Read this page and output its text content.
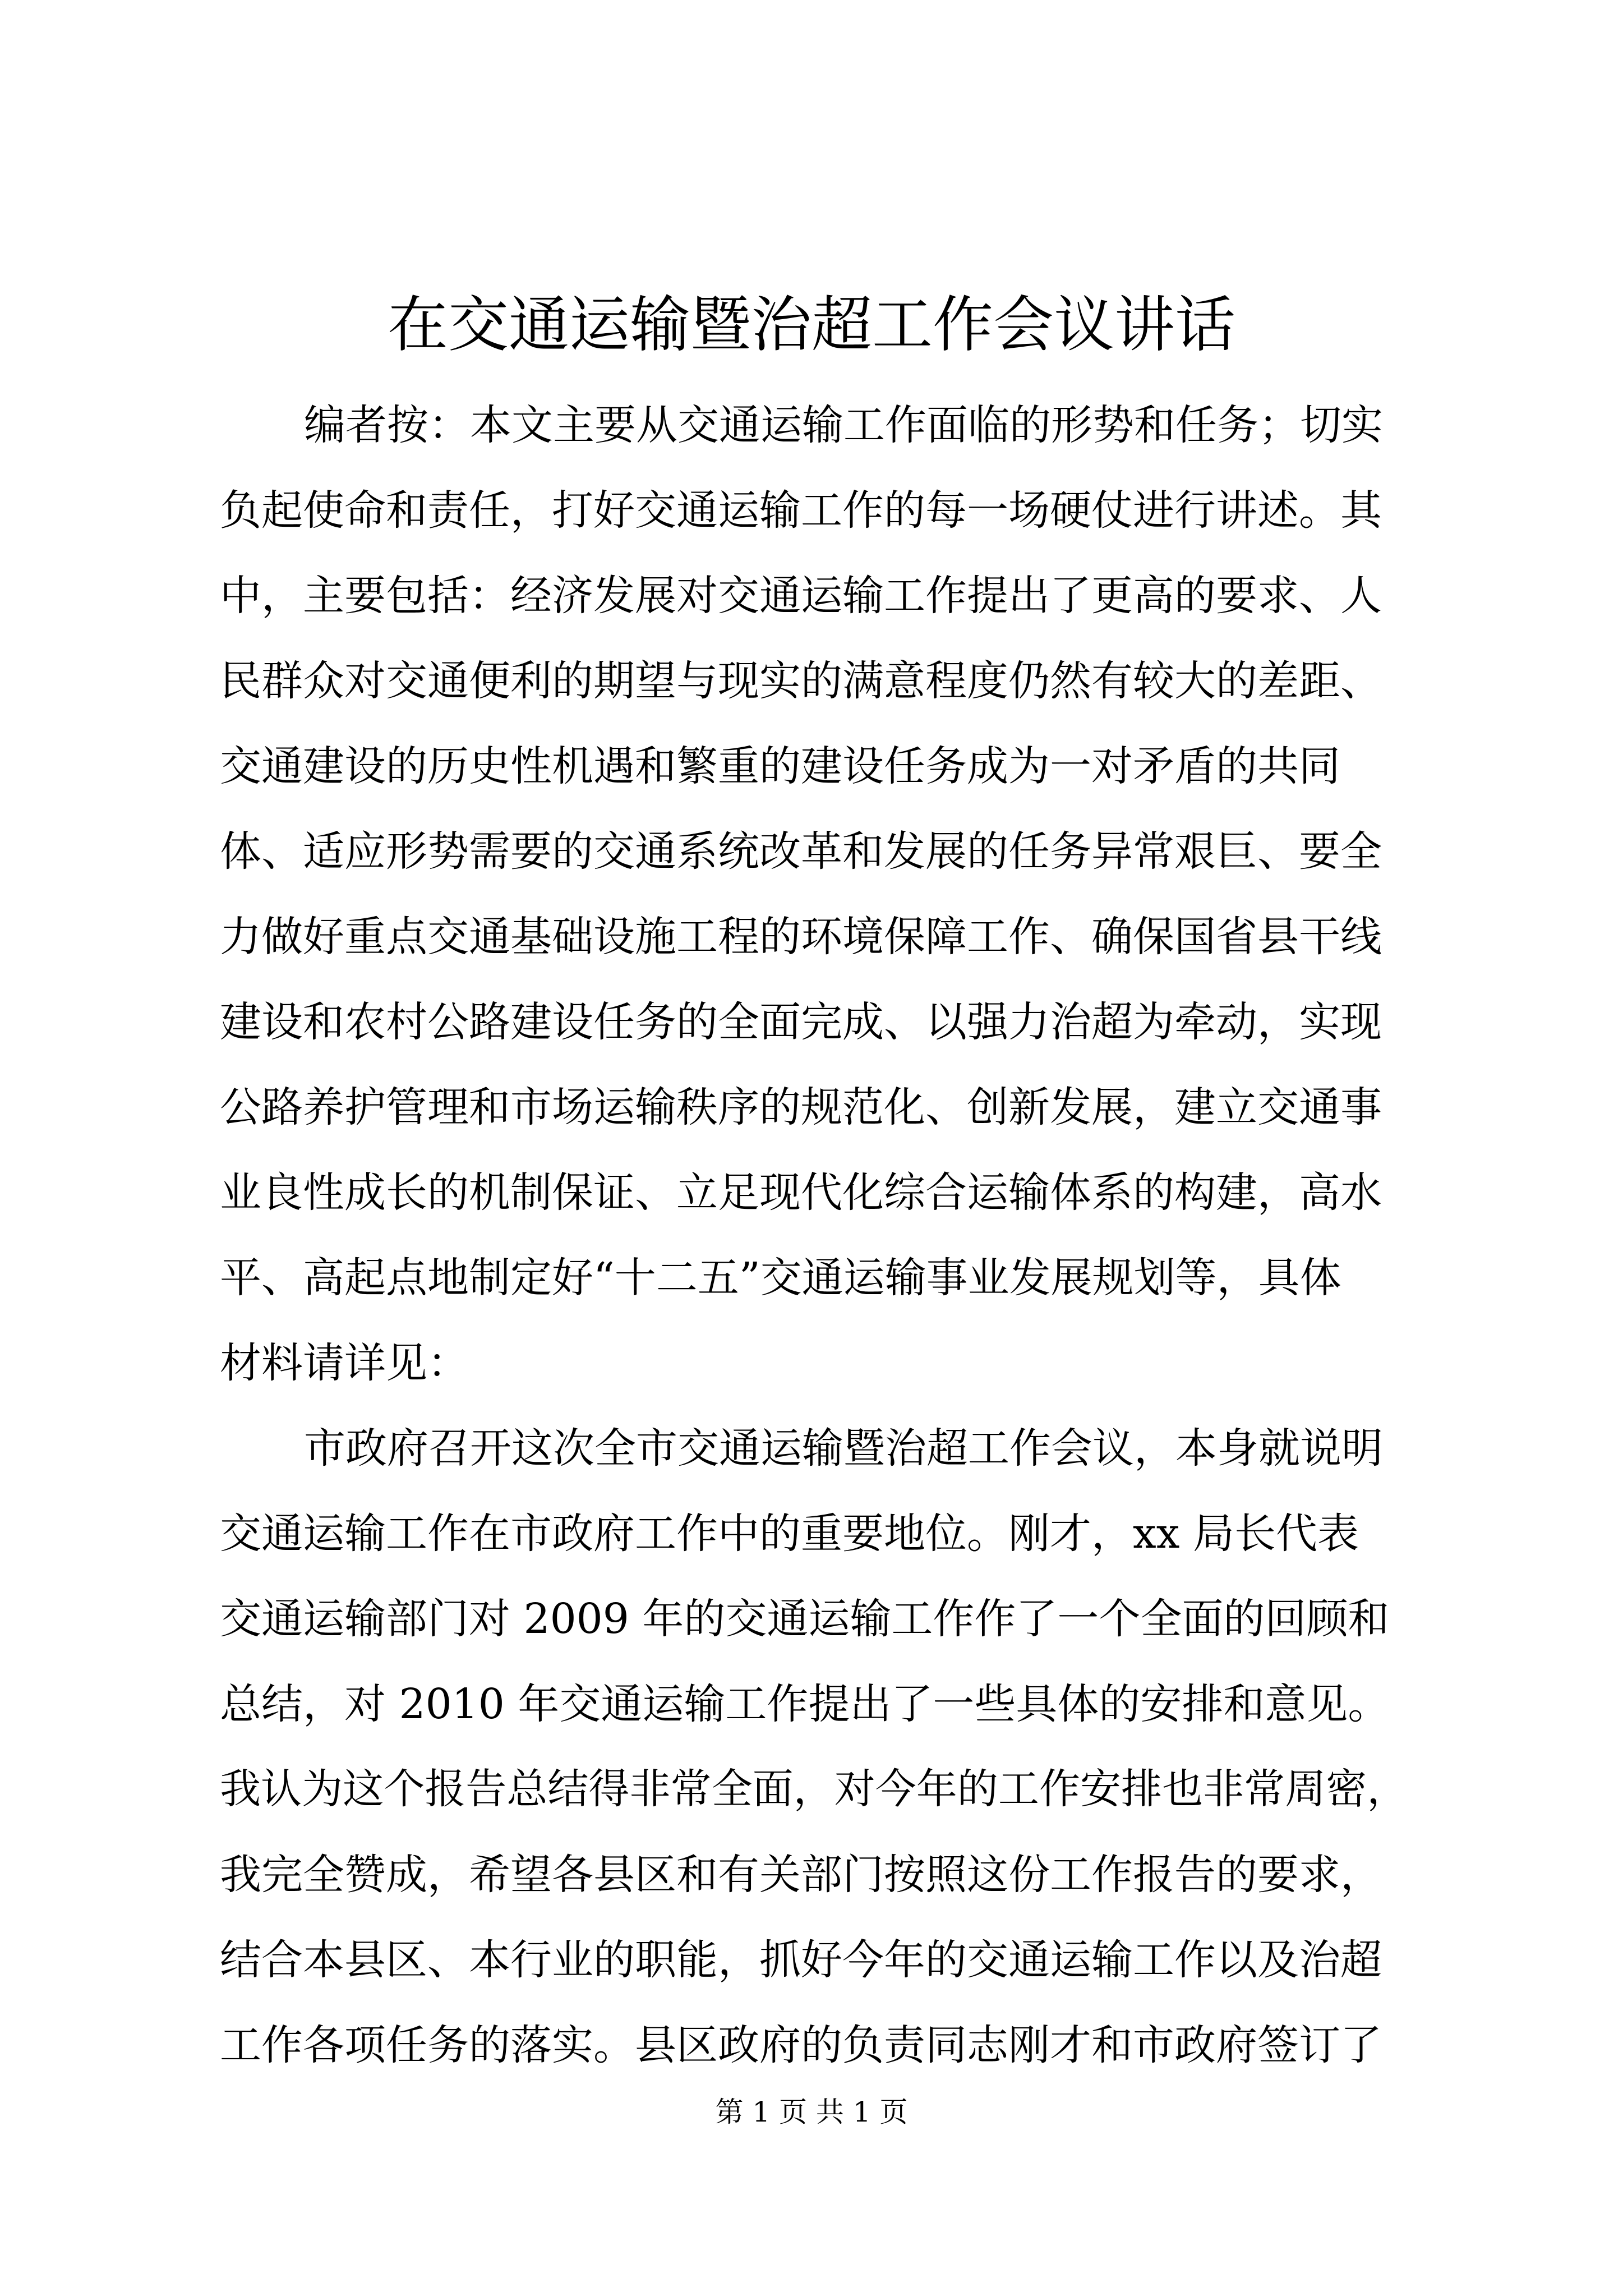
在交通运输暨治超工作会议讲话
编者按：本文主要从交通运输工作面临的形势和任务；切实
负起使命和责任，打好交通运输工作的每一场硬仗进行讲述。其
中，主要包括：经济发展对交通运输工作提出了更高的要求、人
民群众对交通便利的期望与现实的满意程度仍然有较大的差距、
交通建设的历史性机遇和繁重的建设任务成为一对矛盾的共同
体、适应形势需要的交通系统改革和发展的任务异常艰巨、要全
力做好重点交通基础设施工程的环境保障工作、确保国省县干线
建设和农村公路建设任务的全面完成、以强力治超为牵动，实现
公路养护管理和市场运输秩序的规范化、创新发展，建立交通事
业良性成长的机制保证、立足现代化综合运输体系的构建，高水
平、高起点地制定好“十二五”交通运输事业发展规划等，具体
材料请详见：
市政府召开这次全市交通运输暨治超工作会议，本身就说明
交通运输工作在市政府工作中的重要地位。刚才，xx 局长代表
交通运输部门对 2009 年的交通运输工作作了一个全面的回顾和
总结，对 2010 年交通运输工作提出了一些具体的安排和意见。
我认为这个报告总结得非常全面，对今年的工作安排也非常周密，
我完全赞成，希望各县区和有关部门按照这份工作报告的要求，
结合本县区、本行业的职能，抓好今年的交通运输工作以及治超
工作各项任务的落实。县区政府的负责同志刚才和市政府签订了
第 1 页 共 1 页
